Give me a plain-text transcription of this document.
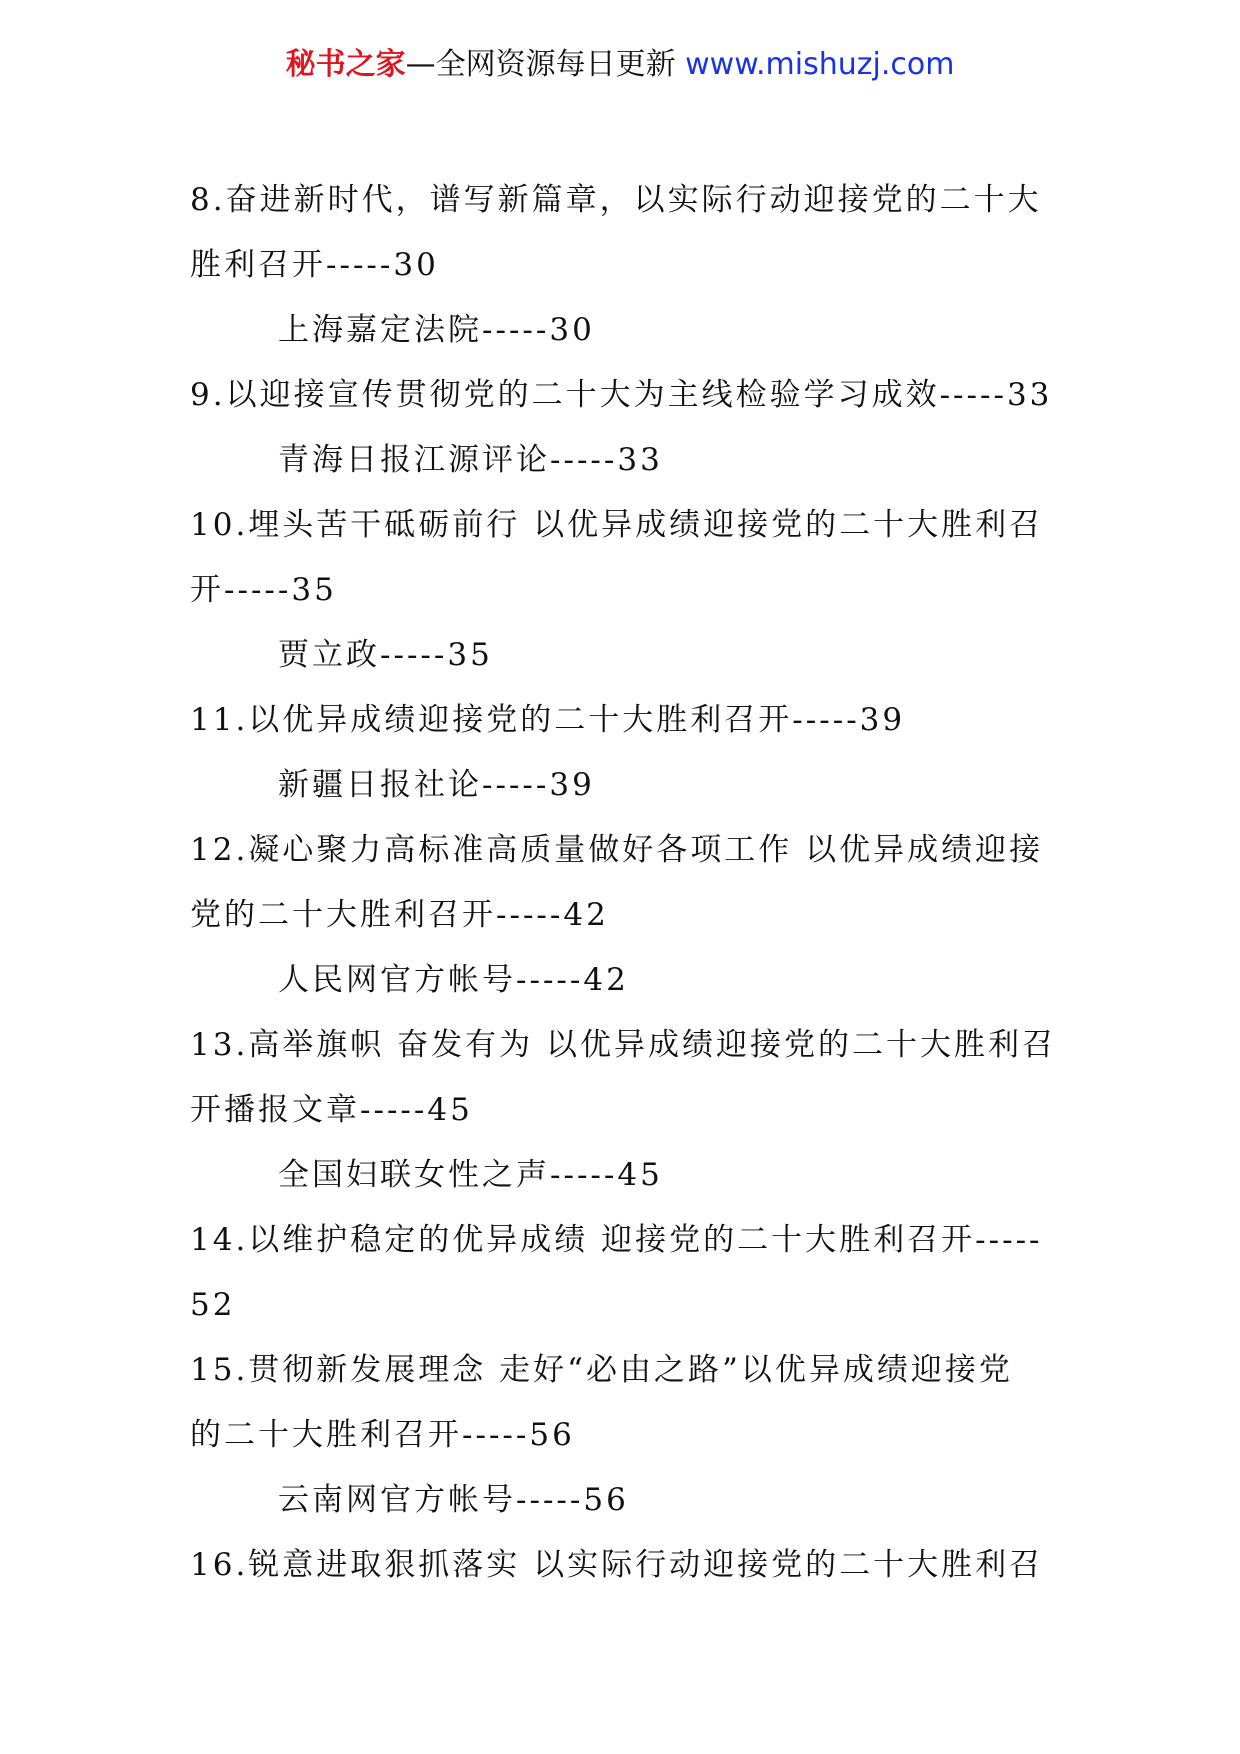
秘书之家—全网资源每日更新 www.mishuzj.com
8.奋进新时代，谱写新篇章，以实际行动迎接党的二十大
胜利召开-----30
上海嘉定法院-----30
9.以迎接宣传贯彻党的二十大为主线检验学习成效-----33
青海日报江源评论-----33
10.埋头苦干砥砺前行 以优异成绩迎接党的二十大胜利召
开-----35
贾立政-----35
11.以优异成绩迎接党的二十大胜利召开-----39
新疆日报社论-----39
12.凝心聚力高标准高质量做好各项工作 以优异成绩迎接
党的二十大胜利召开-----42
人民网官方帐号-----42
13.高举旗帜 奋发有为 以优异成绩迎接党的二十大胜利召
开播报文章-----45
全国妇联女性之声-----45
14.以维护稳定的优异成绩 迎接党的二十大胜利召开-----
52
15.贯彻新发展理念 走好“必由之路”以优异成绩迎接党
的二十大胜利召开-----56
云南网官方帐号-----56
16.锐意进取狠抓落实 以实际行动迎接党的二十大胜利召
